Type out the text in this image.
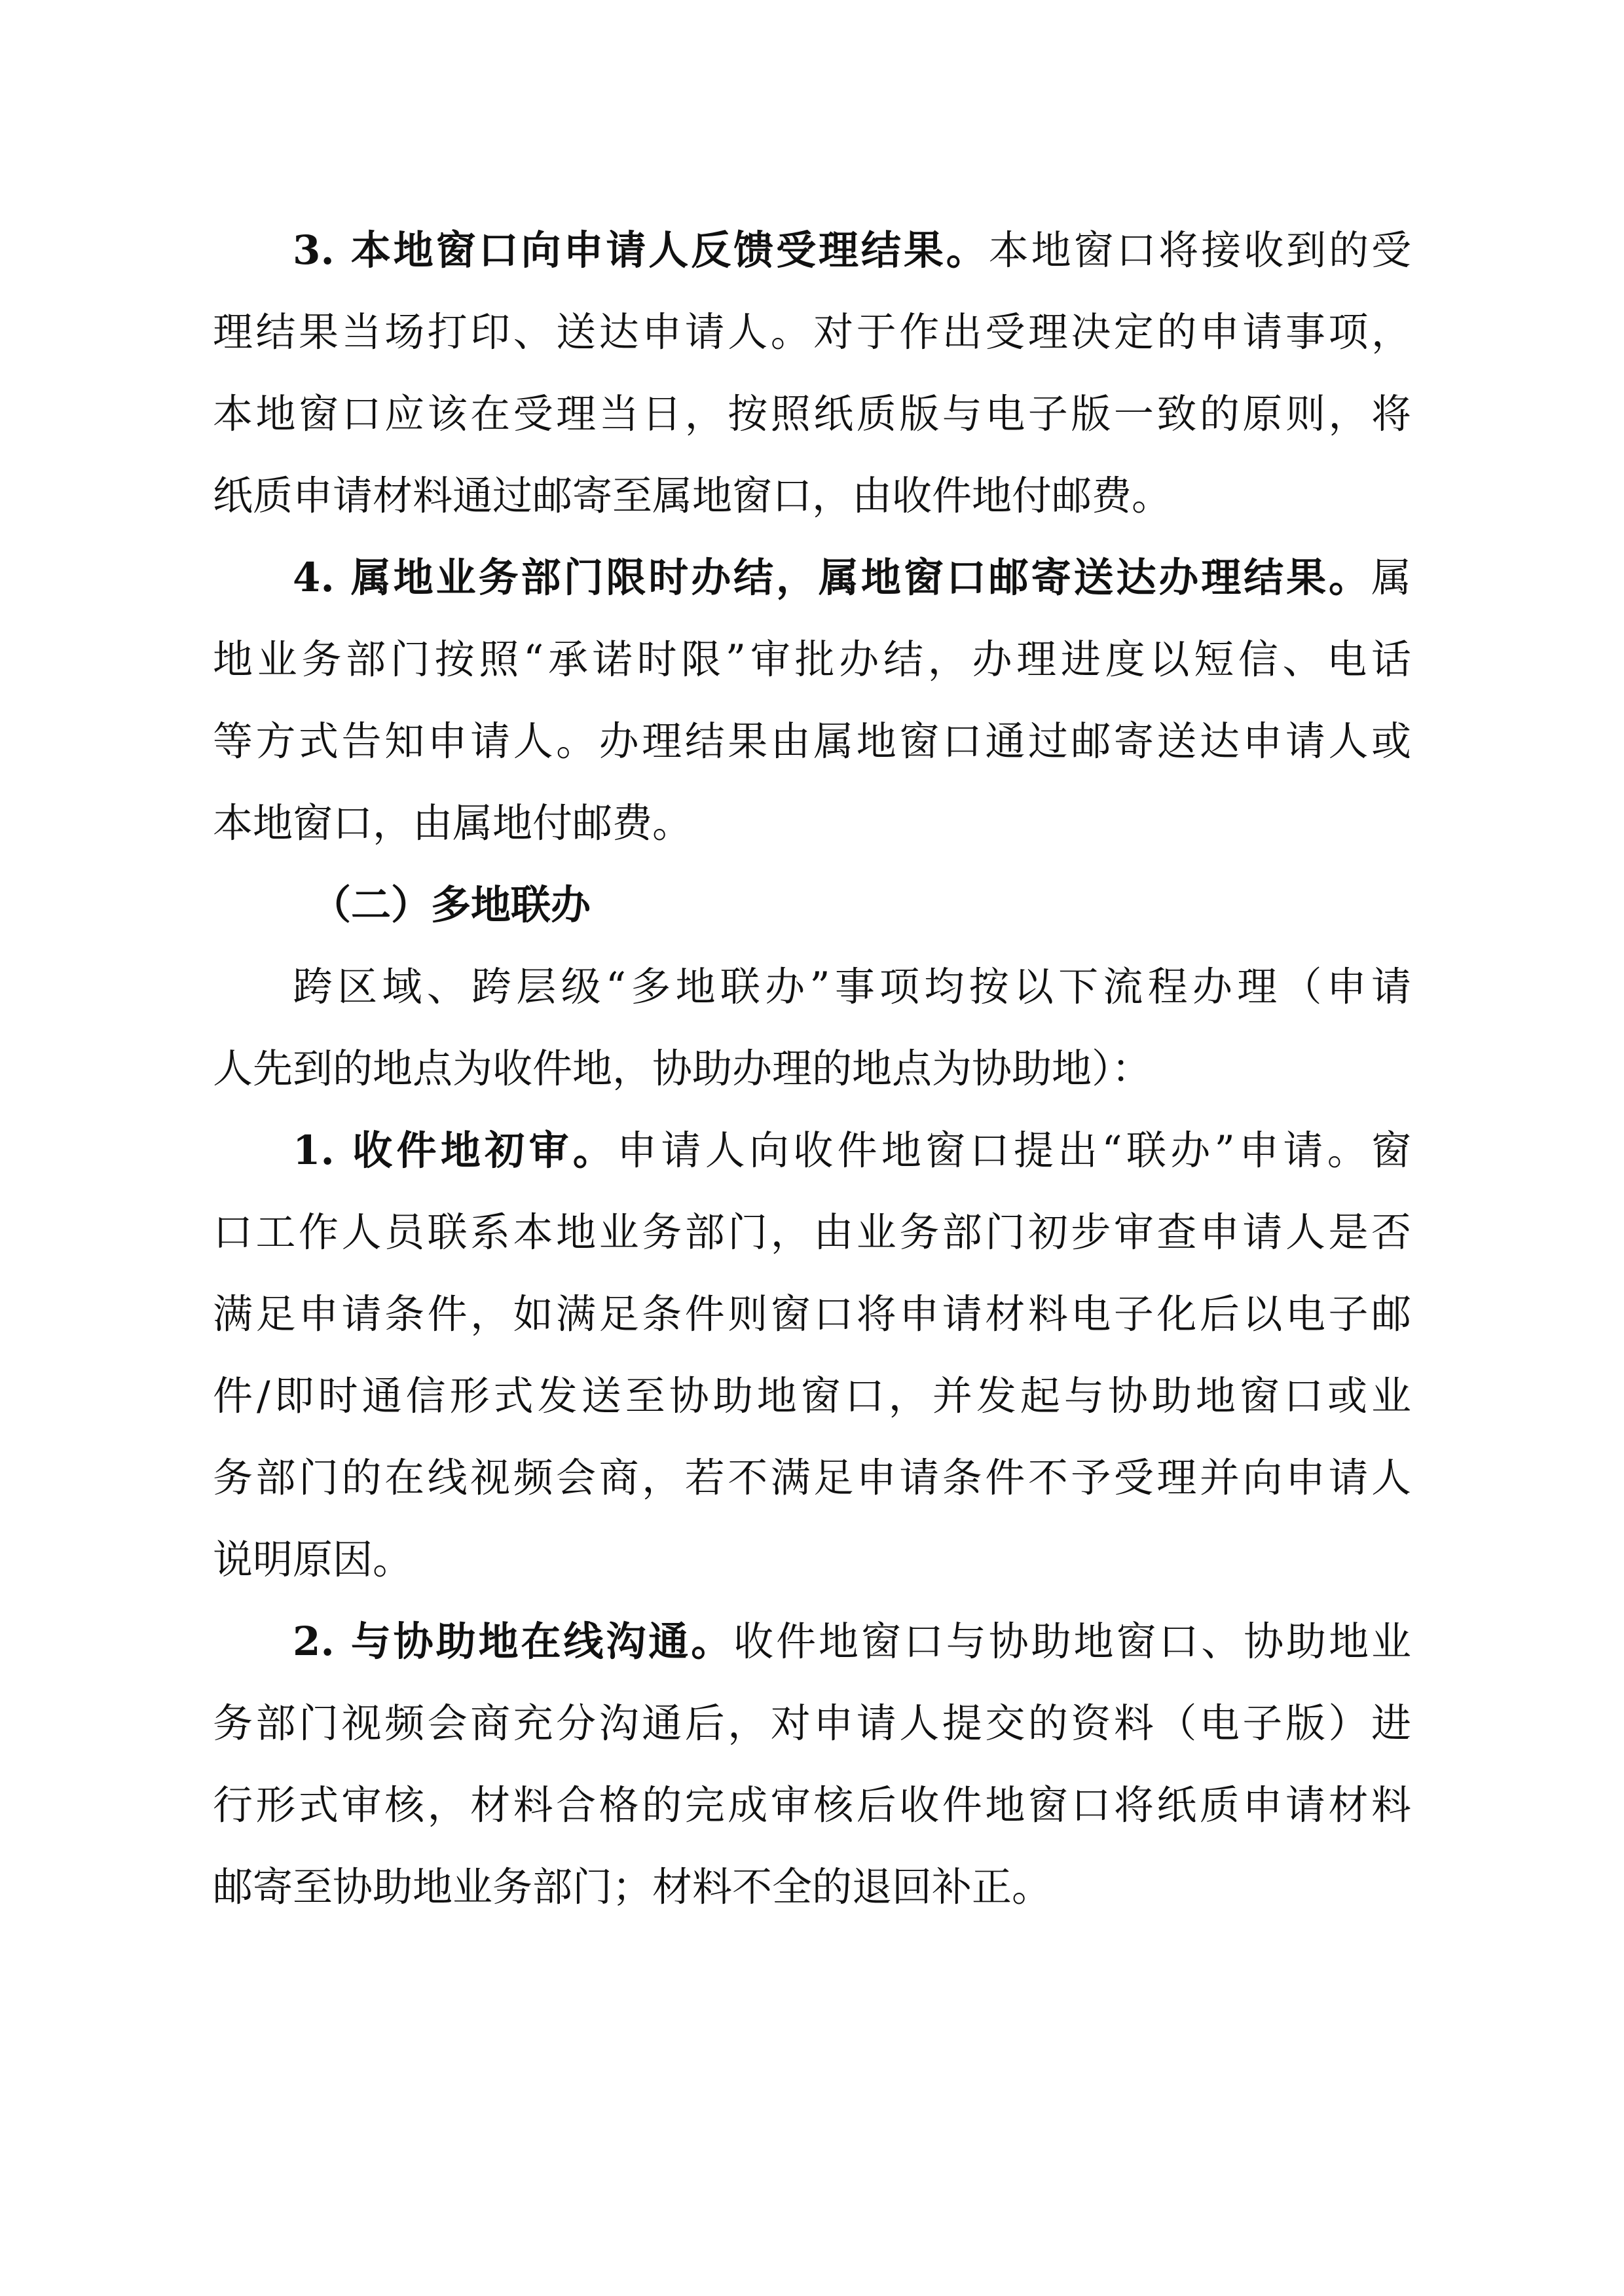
3. 本地窗口向申请人反馈受理结果。本地窗口将接收到的受
理结果当场打印、送达申请人。对于作出受理决定的申请事项，
本地窗口应该在受理当日，按照纸质版与电子版一致的原则，将
纸质申请材料通过邮寄至属地窗口，由收件地付邮费。
4. 属地业务部门限时办结，属地窗口邮寄送达办理结果。属
地业务部门按照“承诺时限”审批办结，办理进度以短信、电话
等方式告知申请人。办理结果由属地窗口通过邮寄送达申请人或
本地窗口，由属地付邮费。
（二）多地联办
跨区域、跨层级“多地联办”事项均按以下流程办理（申请
人先到的地点为收件地，协助办理的地点为协助地）：
1. 收件地初审。申请人向收件地窗口提出“联办”申请。窗
口工作人员联系本地业务部门，由业务部门初步审查申请人是否
满足申请条件，如满足条件则窗口将申请材料电子化后以电子邮
件/即时通信形式发送至协助地窗口，并发起与协助地窗口或业
务部门的在线视频会商，若不满足申请条件不予受理并向申请人
说明原因。
2. 与协助地在线沟通。收件地窗口与协助地窗口、协助地业
务部门视频会商充分沟通后，对申请人提交的资料（电子版）进
行形式审核，材料合格的完成审核后收件地窗口将纸质申请材料
邮寄至协助地业务部门；材料不全的退回补正。
